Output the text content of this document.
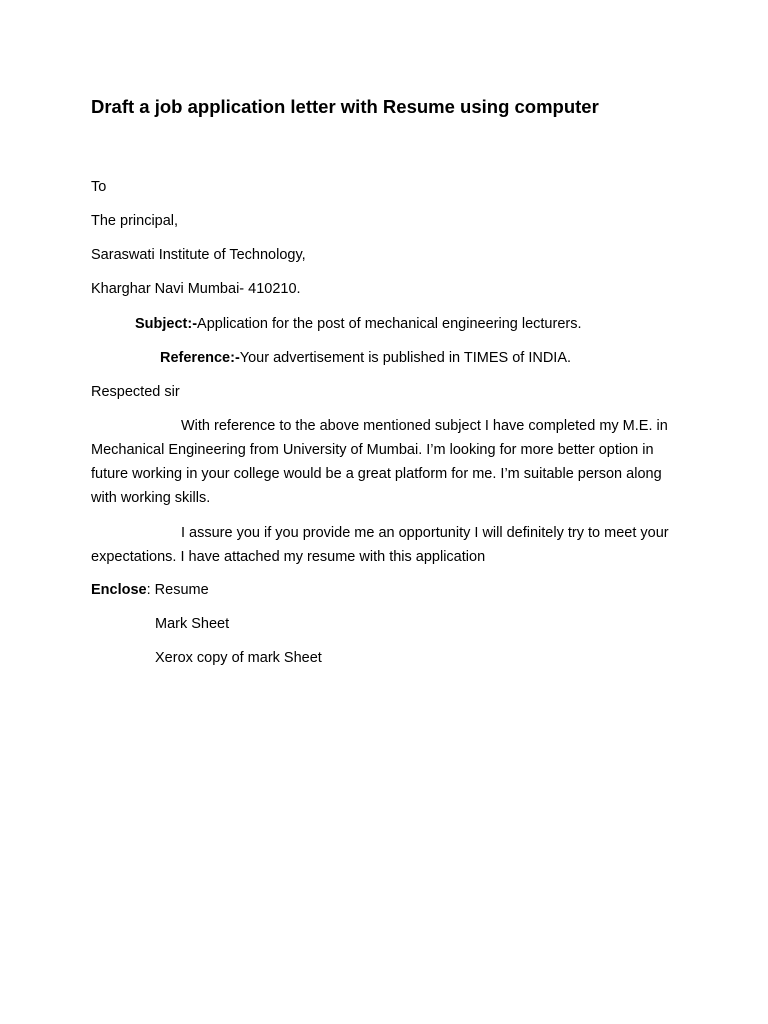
Draft a job application letter with Resume using computer
To
The principal,
Saraswati Institute of Technology,
Kharghar Navi Mumbai- 410210.
Subject:-Application for the post of mechanical engineering lecturers.
Reference:-Your advertisement is published in TIMES of INDIA.
Respected sir
With reference to the above mentioned subject I have completed my M.E. in Mechanical Engineering from University of Mumbai. I’m looking for more better option in future working in your college would be a great platform for me. I’m suitable person along with working skills.
I assure you if you provide me an opportunity I will definitely try to meet your expectations. I have attached my resume with this application
Enclose: Resume
Mark Sheet
Xerox copy of mark Sheet
